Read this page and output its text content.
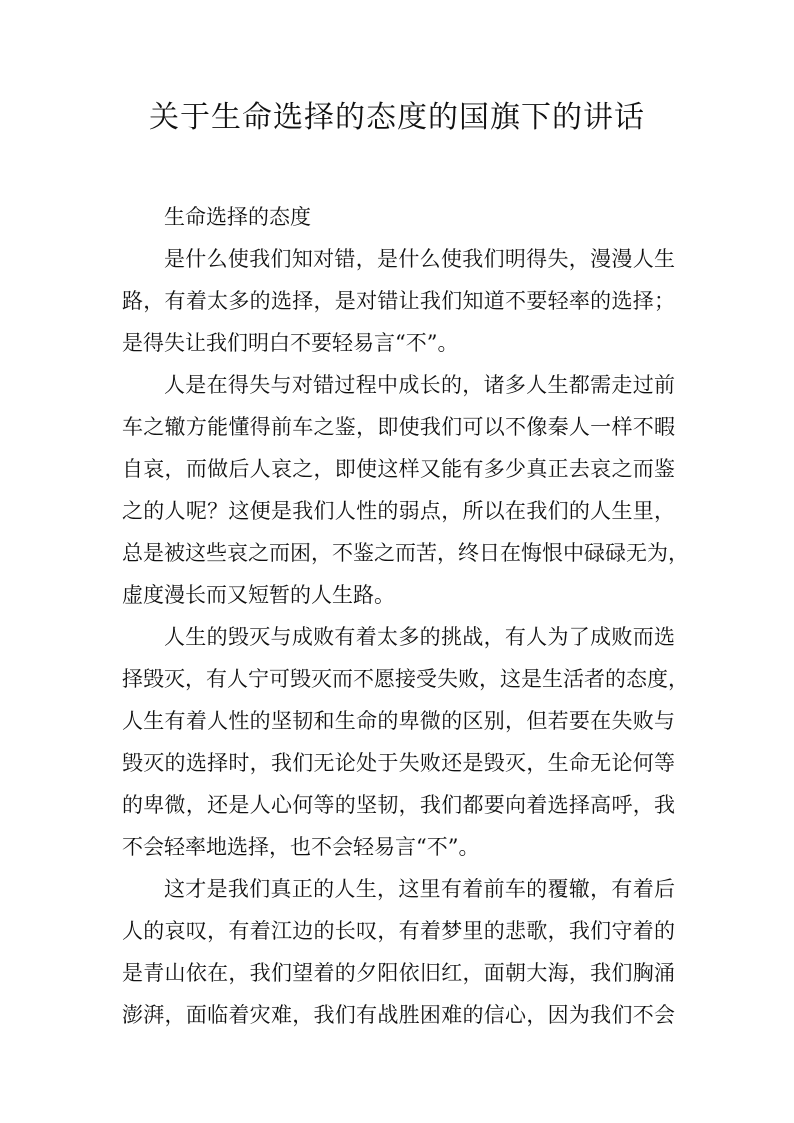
关于生命选择的态度的国旗下的讲话
生命选择的态度
是什么使我们知对错，是什么使我们明得失，漫漫人生
路，有着太多的选择，是对错让我们知道不要轻率的选择；
是得失让我们明白不要轻易言“不”。
人是在得失与对错过程中成长的，诸多人生都需走过前
车之辙方能懂得前车之鉴，即使我们可以不像秦人一样不暇
自哀，而做后人哀之，即使这样又能有多少真正去哀之而鉴
之的人呢？这便是我们人性的弱点，所以在我们的人生里，
总是被这些哀之而困，不鉴之而苦，终日在悔恨中碌碌无为，
虚度漫长而又短暂的人生路。
人生的毁灭与成败有着太多的挑战，有人为了成败而选
择毁灭，有人宁可毁灭而不愿接受失败，这是生活者的态度，
人生有着人性的坚韧和生命的卑微的区别，但若要在失败与
毁灭的选择时，我们无论处于失败还是毁灭，生命无论何等
的卑微，还是人心何等的坚韧，我们都要向着选择高呼，我
不会轻率地选择，也不会轻易言“不”。
这才是我们真正的人生，这里有着前车的覆辙，有着后
人的哀叹，有着江边的长叹，有着梦里的悲歌，我们守着的
是青山依在，我们望着的夕阳依旧红，面朝大海，我们胸涌
澎湃，面临着灾难，我们有战胜困难的信心，因为我们不会
